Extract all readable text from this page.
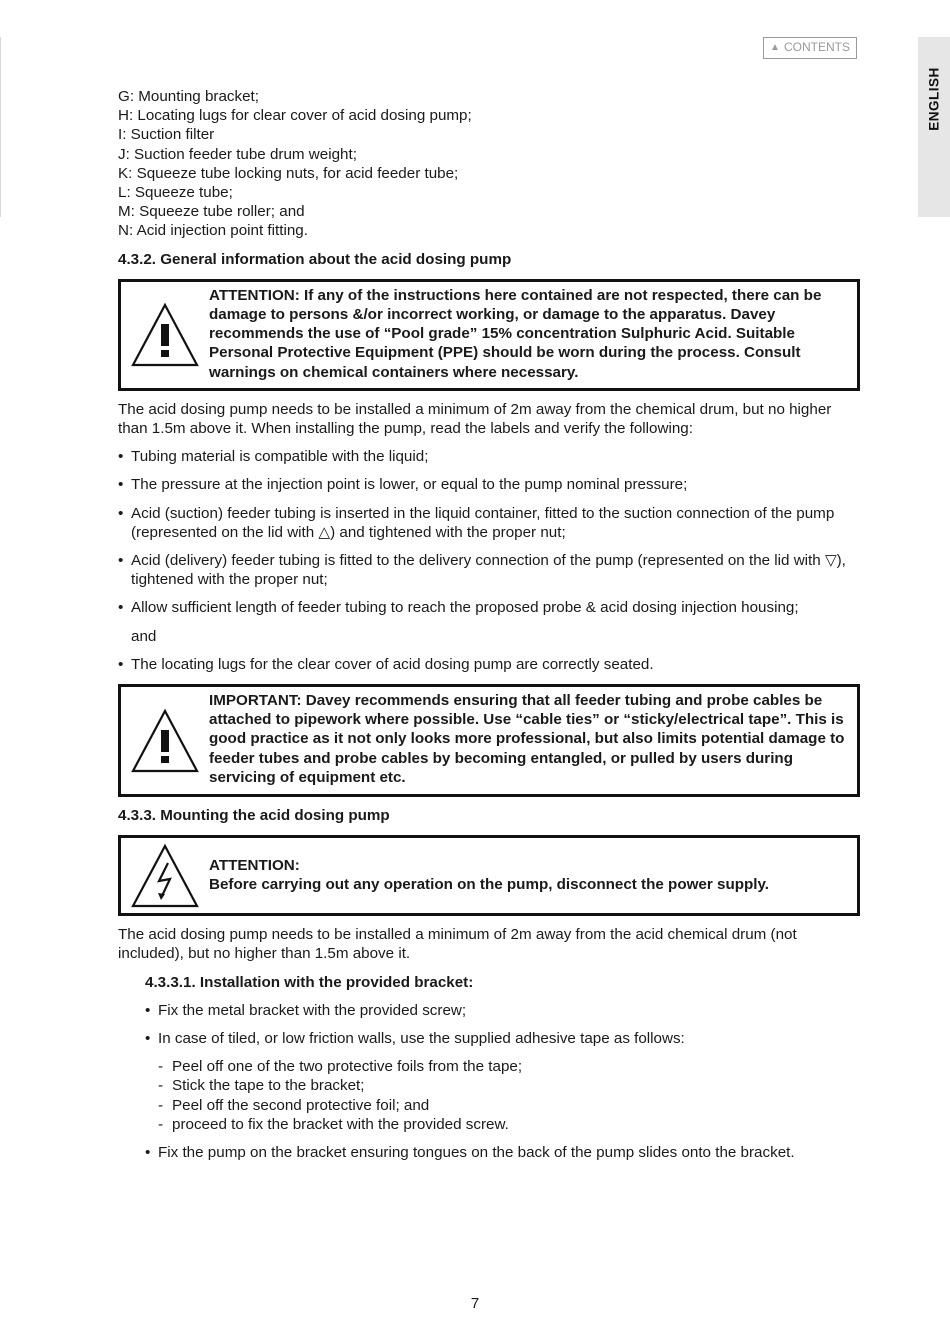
▲ CONTENTS
ENGLISH
G: Mounting bracket;
H: Locating lugs for clear cover of acid dosing pump;
I: Suction filter
J: Suction feeder tube drum weight;
K: Squeeze tube locking nuts, for acid feeder tube;
L: Squeeze tube;
M: Squeeze tube roller; and
N: Acid injection point fitting.
4.3.2. General information about the acid dosing pump
ATTENTION: If any of the instructions here contained are not respected, there can be damage to persons &/or incorrect working, or damage to the apparatus. Davey recommends the use of “Pool grade” 15% concentration Sulphuric Acid. Suitable Personal Protective Equipment (PPE) should be worn during the process. Consult warnings on chemical containers where necessary.
The acid dosing pump needs to be installed a minimum of 2m away from the chemical drum, but no higher than 1.5m above it. When installing the pump, read the labels and verify the following:
• Tubing material is compatible with the liquid;
• The pressure at the injection point is lower, or equal to the pump nominal pressure;
• Acid (suction) feeder tubing is inserted in the liquid container, fitted to the suction connection of the pump (represented on the lid with △) and tightened with the proper nut;
• Acid (delivery) feeder tubing is fitted to the delivery connection of the pump (represented on the lid with ▽), tightened with the proper nut;
• Allow sufficient length of feeder tubing to reach the proposed probe & acid dosing injection housing;
and
• The locating lugs for the clear cover of acid dosing pump are correctly seated.
IMPORTANT: Davey recommends ensuring that all feeder tubing and probe cables be attached to pipework where possible. Use “cable ties” or “sticky/electrical tape”. This is good practice as it not only looks more professional, but also limits potential damage to feeder tubes and probe cables by becoming entangled, or pulled by users during servicing of equipment etc.
4.3.3. Mounting the acid dosing pump
ATTENTION:
Before carrying out any operation on the pump, disconnect the power supply.
The acid dosing pump needs to be installed a minimum of 2m away from the acid chemical drum (not included), but no higher than 1.5m above it.
4.3.3.1. Installation with the provided bracket:
• Fix the metal bracket with the provided screw;
• In case of tiled, or low friction walls, use the supplied adhesive tape as follows:
- Peel off one of the two protective foils from the tape;
- Stick the tape to the bracket;
- Peel off the second protective foil; and
- proceed to fix the bracket with the provided screw.
• Fix the pump on the bracket ensuring tongues on the back of the pump slides onto the bracket.
7
